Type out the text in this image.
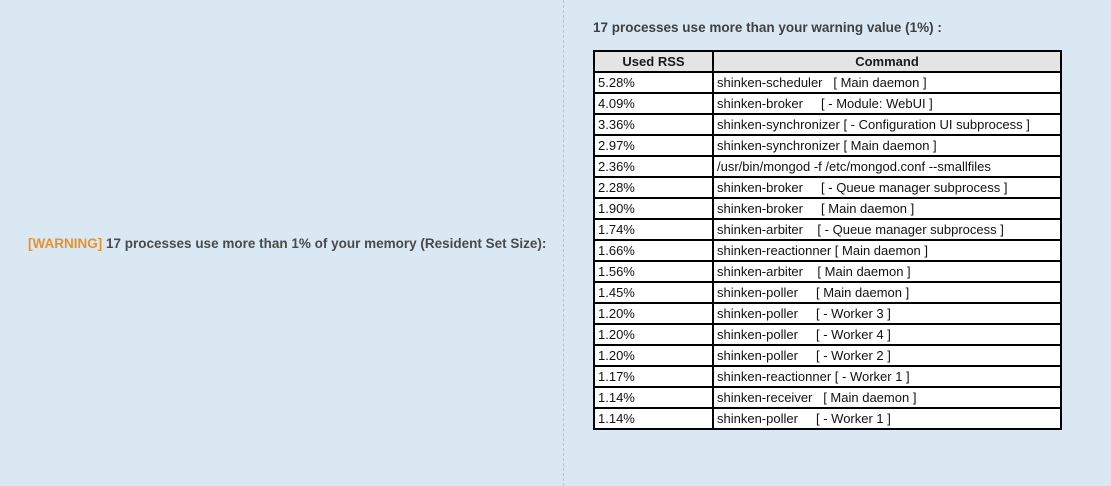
[WARNING] 17 processes use more than 1% of your memory (Resident Set Size):
17 processes use more than your warning value (1%) :
Used RSS	Command
5.28%	shinken-scheduler   [ Main daemon ]
4.09%	shinken-broker     [ - Module: WebUI ]
3.36%	shinken-synchronizer [ - Configuration UI subprocess ]
2.97%	shinken-synchronizer [ Main daemon ]
2.36%	/usr/bin/mongod -f /etc/mongod.conf --smallfiles
2.28%	shinken-broker     [ - Queue manager subprocess ]
1.90%	shinken-broker     [ Main daemon ]
1.74%	shinken-arbiter    [ - Queue manager subprocess ]
1.66%	shinken-reactionner [ Main daemon ]
1.56%	shinken-arbiter    [ Main daemon ]
1.45%	shinken-poller     [ Main daemon ]
1.20%	shinken-poller     [ - Worker 3 ]
1.20%	shinken-poller     [ - Worker 4 ]
1.20%	shinken-poller     [ - Worker 2 ]
1.17%	shinken-reactionner [ - Worker 1 ]
1.14%	shinken-receiver   [ Main daemon ]
1.14%	shinken-poller     [ - Worker 1 ]
